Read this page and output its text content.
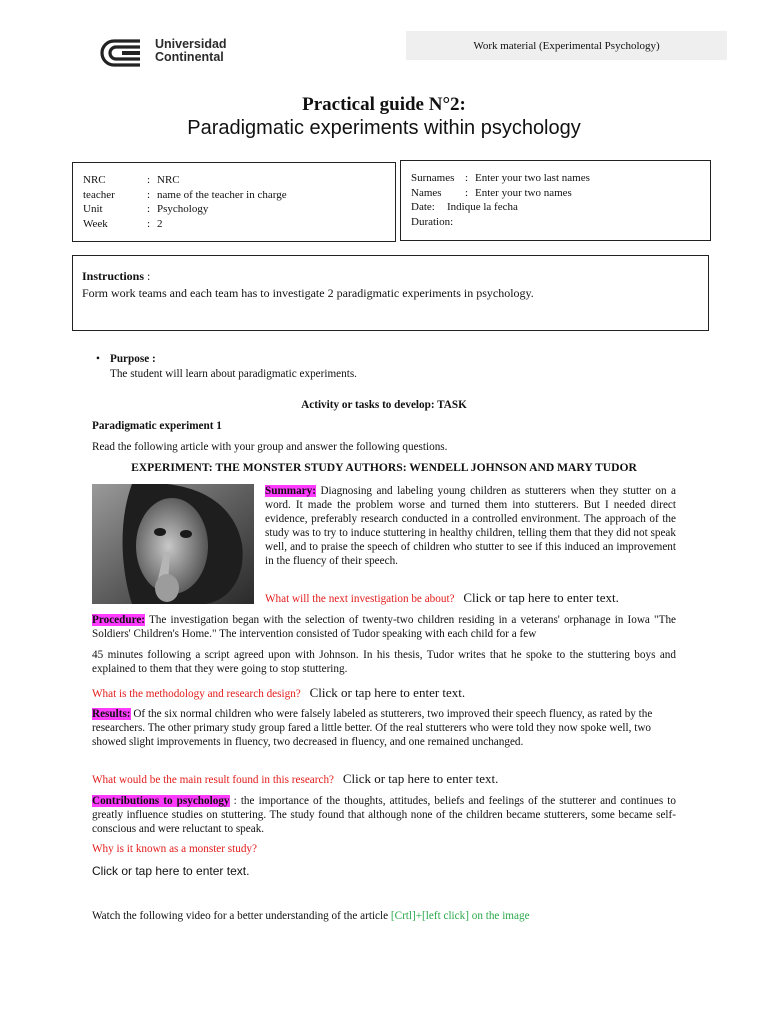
Universidad
Continental
Work material (Experimental Psychology)
Practical guide N°2:
Paradigmatic experiments within psychology
NRC	: NRC
teacher	: name of the teacher in charge
Unit	: Psychology
Week	: 2
Surnames : Enter your two last names
Names	: Enter your two names
Date:	Indique la fecha
Duration:
Instructions :
Form work teams and each team has to investigate 2 paradigmatic experiments in psychology.
• Purpose :
The student will learn about paradigmatic experiments.
Activity or tasks to develop: TASK
Paradigmatic experiment 1
Read the following article with your group and answer the following questions.
EXPERIMENT: THE MONSTER STUDY AUTHORS: WENDELL JOHNSON AND MARY TUDOR
Summary: Diagnosing and labeling young children as stutterers when they stutter on a word. It made the problem worse and turned them into stutterers. But I needed direct evidence, preferably research conducted in a controlled environment. The approach of the study was to try to induce stuttering in healthy children, telling them that they did not speak well, and to praise the speech of children who stutter to see if this induced an improvement in the fluency of their speech.
What will the next investigation be about? Click or tap here to enter text.
Procedure: The investigation began with the selection of twenty-two children residing in a veterans' orphanage in Iowa "The Soldiers' Children's Home." The intervention consisted of Tudor speaking with each child for a few
45 minutes following a script agreed upon with Johnson. In his thesis, Tudor writes that he spoke to the stuttering boys and explained to them that they were going to stop stuttering.
What is the methodology and research design? Click or tap here to enter text.
Results: Of the six normal children who were falsely labeled as stutterers, two improved their speech fluency, as rated by the researchers. The other primary study group fared a little better. Of the real stutterers who were told they now spoke well, two showed slight improvements in fluency, two decreased in fluency, and one remained unchanged.
What would be the main result found in this research? Click or tap here to enter text.
Contributions to psychology : the importance of the thoughts, attitudes, beliefs and feelings of the stutterer and continues to greatly influence studies on stuttering. The study found that although none of the children became stutterers, some became self-conscious and were reluctant to speak.
Why is it known as a monster study?
Click or tap here to enter text.
Watch the following video for a better understanding of the article [Crtl]+[left click] on the image
